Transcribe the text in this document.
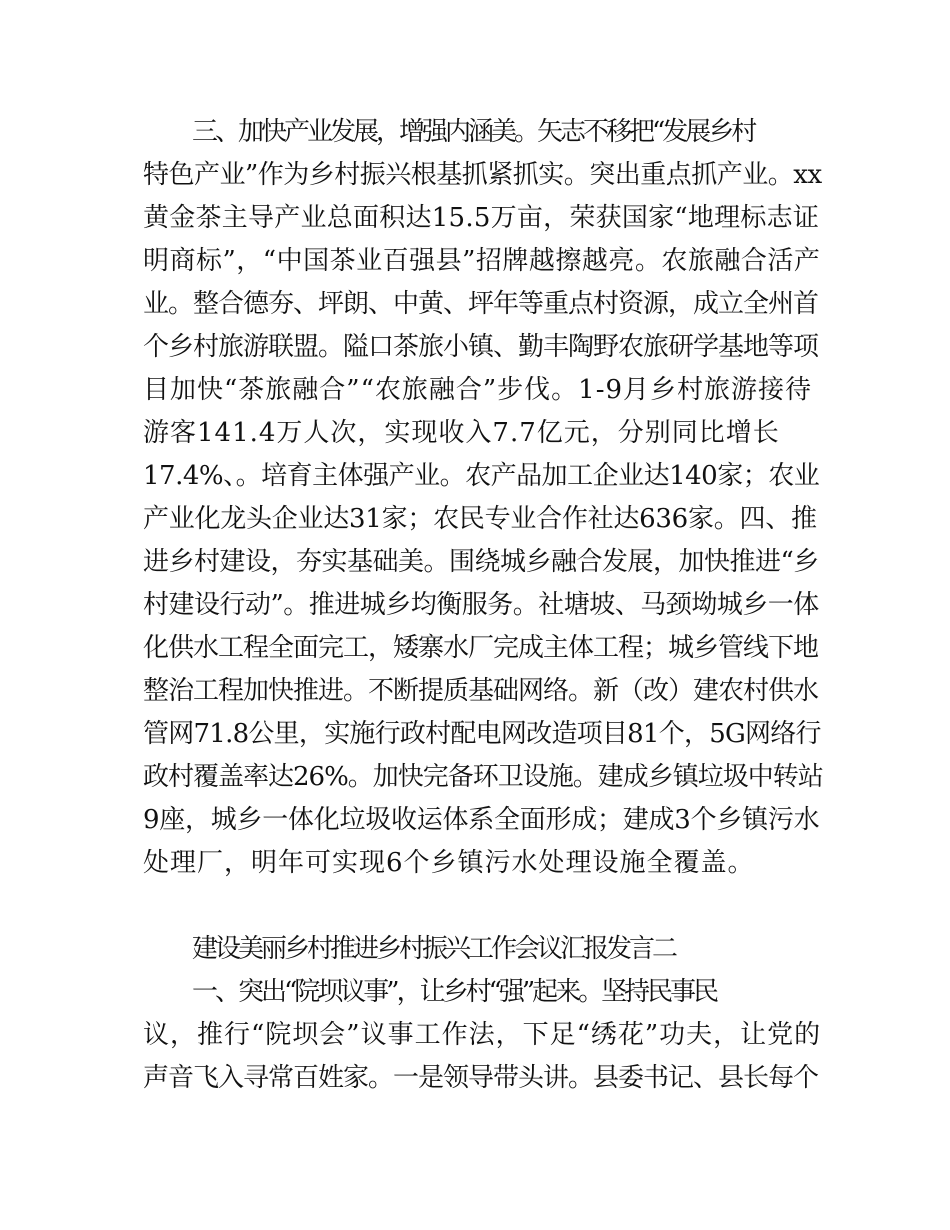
三、加快产业发展，增强内涵美。矢志不移把“发展乡村
特色产业”作为乡村振兴根基抓紧抓实。突出重点抓产业。xx
黄金茶主导产业总面积达15.5万亩，荣获国家“地理标志证
明商标”，“中国茶业百强县”招牌越擦越亮。农旅融合活产
业。整合德夯、坪朗、中黄、坪年等重点村资源，成立全州首
个乡村旅游联盟。隘口茶旅小镇、勤丰陶野农旅研学基地等项
目加快“茶旅融合”“农旅融合”步伐。1-9月乡村旅游接待
游客141.4万人次，实现收入7.7亿元，分别同比增长
17.4%、。培育主体强产业。农产品加工企业达140家；农业
产业化龙头企业达31家；农民专业合作社达636家。四、推
进乡村建设，夯实基础美。围绕城乡融合发展，加快推进“乡
村建设行动”。推进城乡均衡服务。社塘坡、马颈坳城乡一体
化供水工程全面完工，矮寨水厂完成主体工程；城乡管线下地
整治工程加快推进。不断提质基础网络。新（改）建农村供水
管网71.8公里，实施行政村配电网改造项目81个，5G网络行
政村覆盖率达26%。加快完备环卫设施。建成乡镇垃圾中转站
9座，城乡一体化垃圾收运体系全面形成；建成3个乡镇污水
处理厂，明年可实现6个乡镇污水处理设施全覆盖。
建设美丽乡村推进乡村振兴工作会议汇报发言二
一、突出“院坝议事”，让乡村“强”起来。坚持民事民
议，推行“院坝会”议事工作法，下足“绣花”功夫，让党的
声音飞入寻常百姓家。一是领导带头讲。县委书记、县长每个
